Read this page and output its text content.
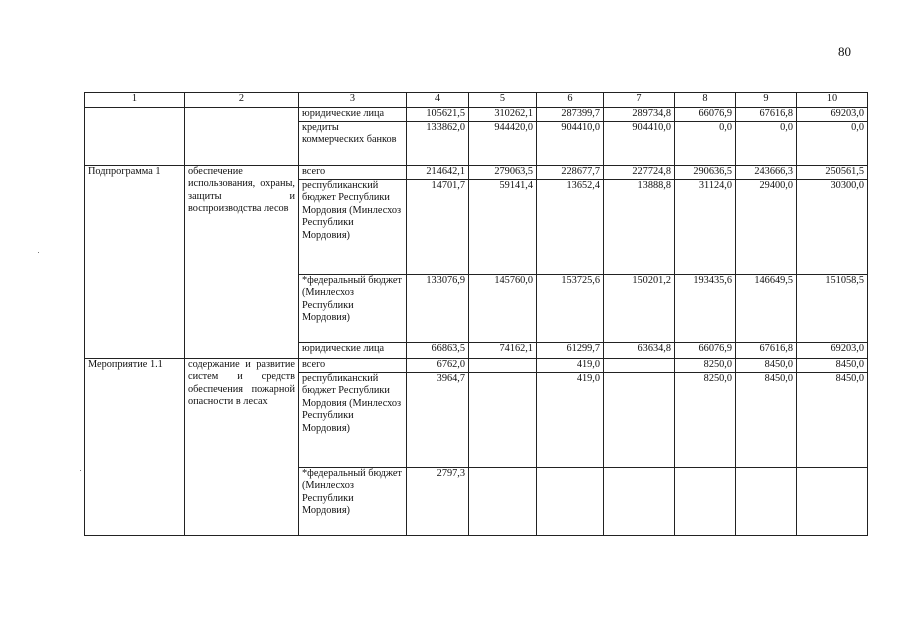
80
1	2	3	4	5	6	7	8	9	10
		юридические лица	105621,5	310262,1	287399,7	289734,8	66076,9	67616,8	69203,0
		кредиты коммерческих банков	133862,0	944420,0	904410,0	904410,0	0,0	0,0	0,0
Подпрограмма 1	обеспечение использования, охраны, защиты и воспроизводства лесов	всего	214642,1	279063,5	228677,7	227724,8	290636,5	243666,3	250561,5
		республиканский бюджет Республики Мордовия (Минлесхоз Республики Мордовия)	14701,7	59141,4	13652,4	13888,8	31124,0	29400,0	30300,0
		*федеральный бюджет (Минлесхоз Республики Мордовия)	133076,9	145760,0	153725,6	150201,2	193435,6	146649,5	151058,5
		юридические лица	66863,5	74162,1	61299,7	63634,8	66076,9	67616,8	69203,0
Мероприятие 1.1	содержание и развитие систем и средств обеспечения пожарной опасности в лесах	всего	6762,0		419,0		8250,0	8450,0	8450,0
		республиканский бюджет Республики Мордовия (Минлесхоз Республики Мордовия)	3964,7		419,0		8250,0	8450,0	8450,0
		*федеральный бюджет (Минлесхоз Республики Мордовия)	2797,3						
